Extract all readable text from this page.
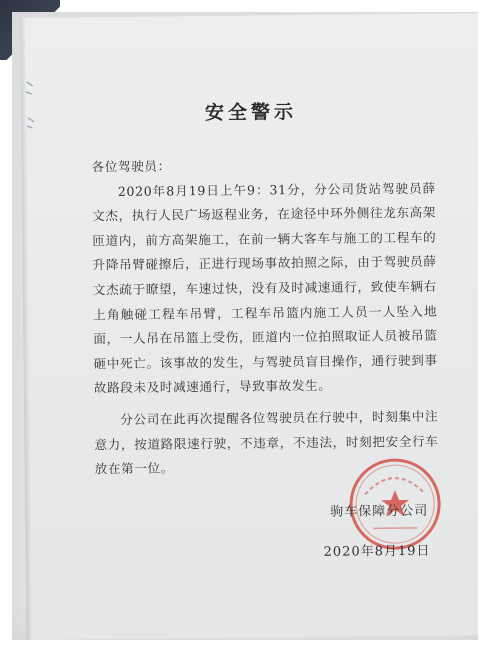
安全警示

各位驾驶员：

2020年8月19日上午9：31分，分公司货站驾驶员薛文杰，执行人民广场返程业务，在途径中环外侧往龙东高架匝道内，前方高架施工，在前一辆大客车与施工的工程车的升降吊臂碰擦后，正进行现场事故拍照之际，由于驾驶员薛文杰疏于瞭望，车速过快，没有及时减速通行，致使车辆右上角触碰工程车吊臂，工程车吊篮内施工人员一人坠入地面，一人吊在吊篮上受伤，匝道内一位拍照取证人员被吊篮砸中死亡。该事故的发生，与驾驶员盲目操作，通行驶到事故路段未及时减速通行，导致事故发生。

分公司在此再次提醒各位驾驶员在行驶中，时刻集中注意力，按道路限速行驶，不违章，不违法，时刻把安全行车放在第一位。

驹车保障分公司
2020年8月19日
